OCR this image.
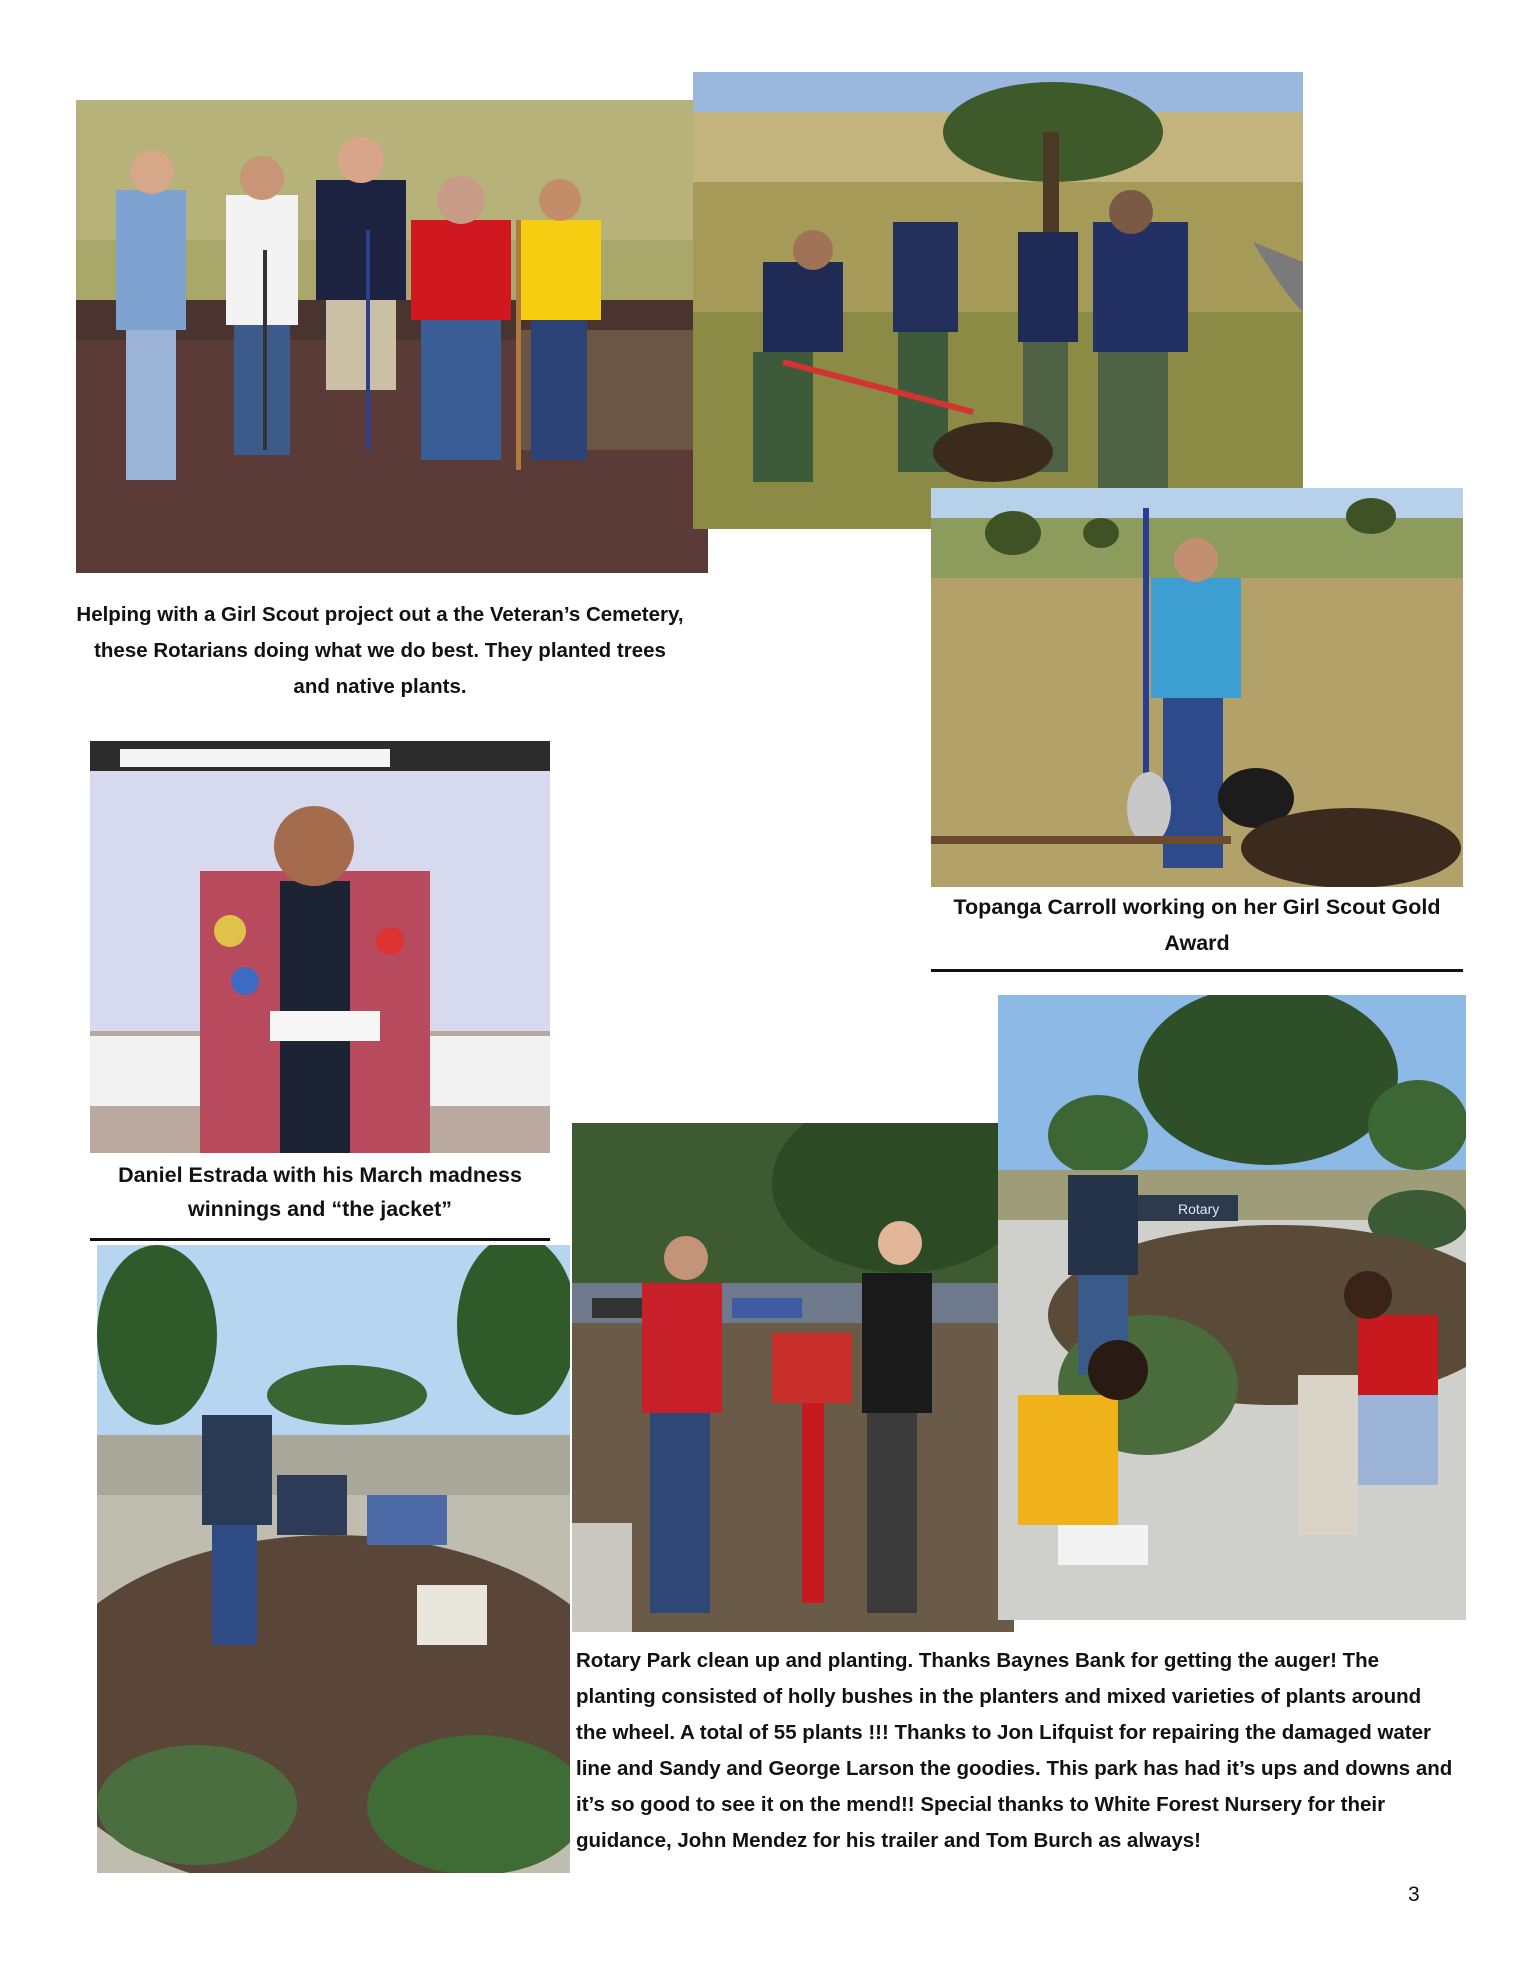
Rotary
Helping with a Girl Scout project out a the Veteran’s Cemetery, these Rotarians doing what we do best. They planted trees and native plants.
Topanga Carroll working on her Girl Scout Gold Award
Daniel Estrada with his March madness winnings and “the jacket”
Rotary Park clean up and planting. Thanks Baynes Bank for getting the auger! The planting consisted of holly bushes in the planters and mixed varieties of plants around the wheel. A total of 55 plants !!! Thanks to Jon Lifquist for repairing the damaged water line and Sandy and George Larson the goodies. This park has had it’s ups and downs and it’s so good to see it on the mend!! Special thanks to White Forest Nursery for their guidance, John Mendez for his trailer and Tom Burch as always!
3
